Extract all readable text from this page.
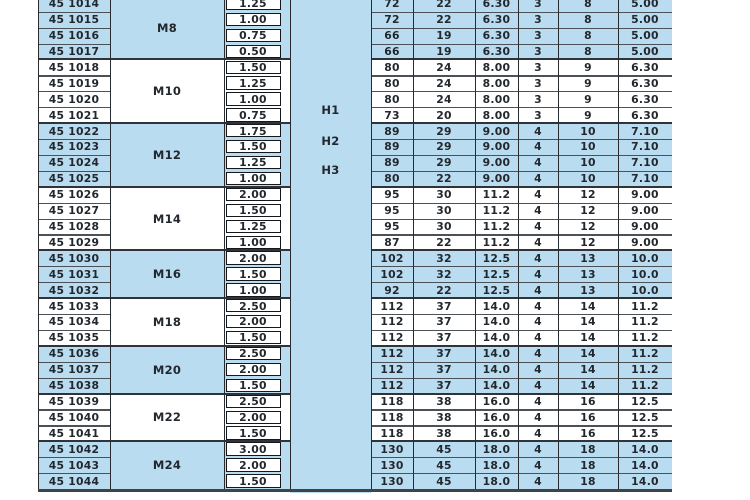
H1
H2
H3
M8
45 1014	1.25	72	22	6.30	3	8	5.00
45 1015	1.00	72	22	6.30	3	8	5.00
45 1016	0.75	66	19	6.30	3	8	5.00
45 1017	0.50	66	19	6.30	3	8	5.00
M10
45 1018	1.50	80	24	8.00	3	9	6.30
45 1019	1.25	80	24	8.00	3	9	6.30
45 1020	1.00	80	24	8.00	3	9	6.30
45 1021	0.75	73	20	8.00	3	9	6.30
M12
45 1022	1.75	89	29	9.00	4	10	7.10
45 1023	1.50	89	29	9.00	4	10	7.10
45 1024	1.25	89	29	9.00	4	10	7.10
45 1025	1.00	80	22	9.00	4	10	7.10
M14
45 1026	2.00	95	30	11.2	4	12	9.00
45 1027	1.50	95	30	11.2	4	12	9.00
45 1028	1.25	95	30	11.2	4	12	9.00
45 1029	1.00	87	22	11.2	4	12	9.00
M16
45 1030	2.00	102	32	12.5	4	13	10.0
45 1031	1.50	102	32	12.5	4	13	10.0
45 1032	1.00	92	22	12.5	4	13	10.0
M18
45 1033	2.50	112	37	14.0	4	14	11.2
45 1034	2.00	112	37	14.0	4	14	11.2
45 1035	1.50	112	37	14.0	4	14	11.2
M20
45 1036	2.50	112	37	14.0	4	14	11.2
45 1037	2.00	112	37	14.0	4	14	11.2
45 1038	1.50	112	37	14.0	4	14	11.2
M22
45 1039	2.50	118	38	16.0	4	16	12.5
45 1040	2.00	118	38	16.0	4	16	12.5
45 1041	1.50	118	38	16.0	4	16	12.5
M24
45 1042	3.00	130	45	18.0	4	18	14.0
45 1043	2.00	130	45	18.0	4	18	14.0
45 1044	1.50	130	45	18.0	4	18	14.0
